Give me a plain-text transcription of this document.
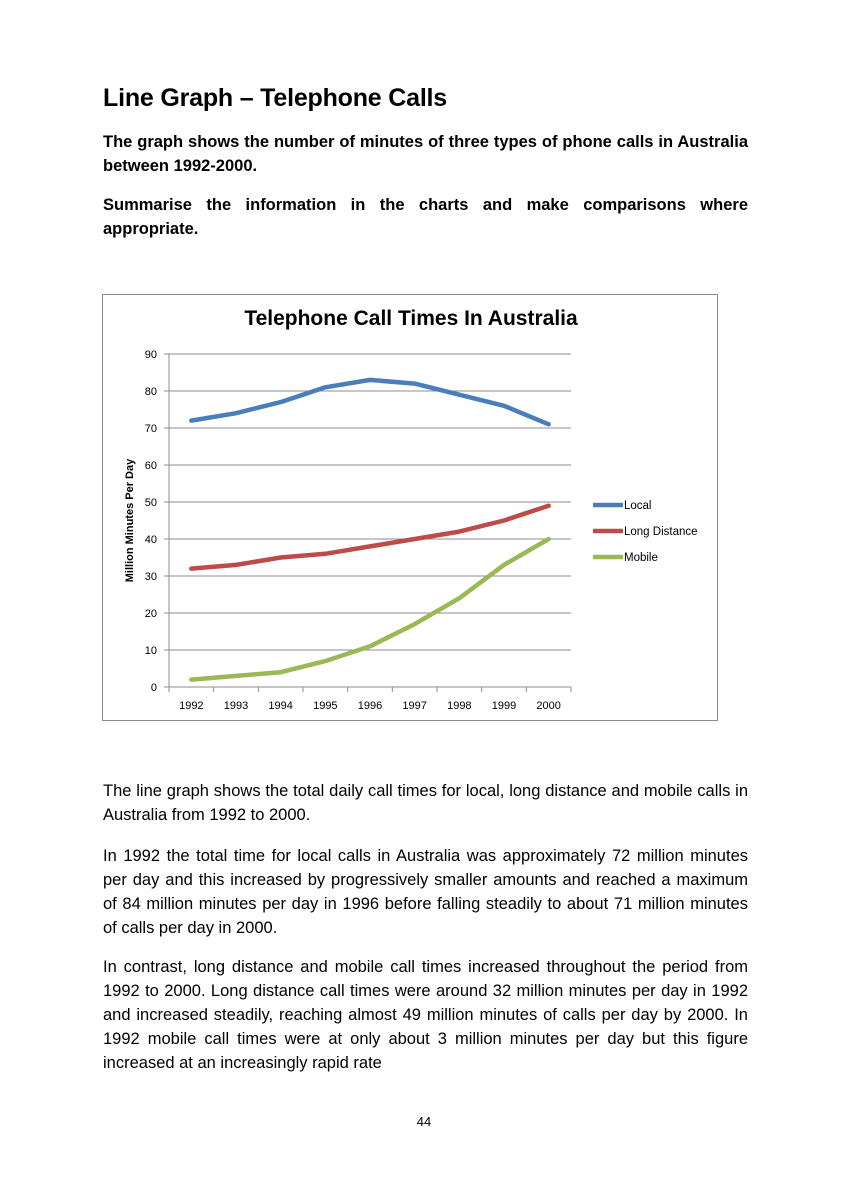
Line Graph – Telephone Calls

The graph shows the number of minutes of three types of phone calls in Australia between 1992-2000.

Summarise the information in the charts and make comparisons where appropriate.

Telephone Call Times In Australia
0
10
20
30
40
50
60
70
80
90
1992 1993 1994 1995 1996 1997 1998 1999 2000
Million Minutes Per Day	Local
Long Distance
Mobile

The line graph shows the total daily call times for local, long distance and mobile calls in Australia from 1992 to 2000.

In 1992 the total time for local calls in Australia was approximately 72 million minutes per day and this increased by progressively smaller amounts and reached a maximum of 84 million minutes per day in 1996 before falling steadily to about 71 million minutes of calls per day in 2000.

In contrast, long distance and mobile call times increased throughout the period from 1992 to 2000. Long distance call times were around 32 million minutes per day in 1992 and increased steadily, reaching almost 49 million minutes of calls per day by 2000. In 1992 mobile call times were at only about 3 million minutes per day but this figure increased at an increasingly rapid rate

44
